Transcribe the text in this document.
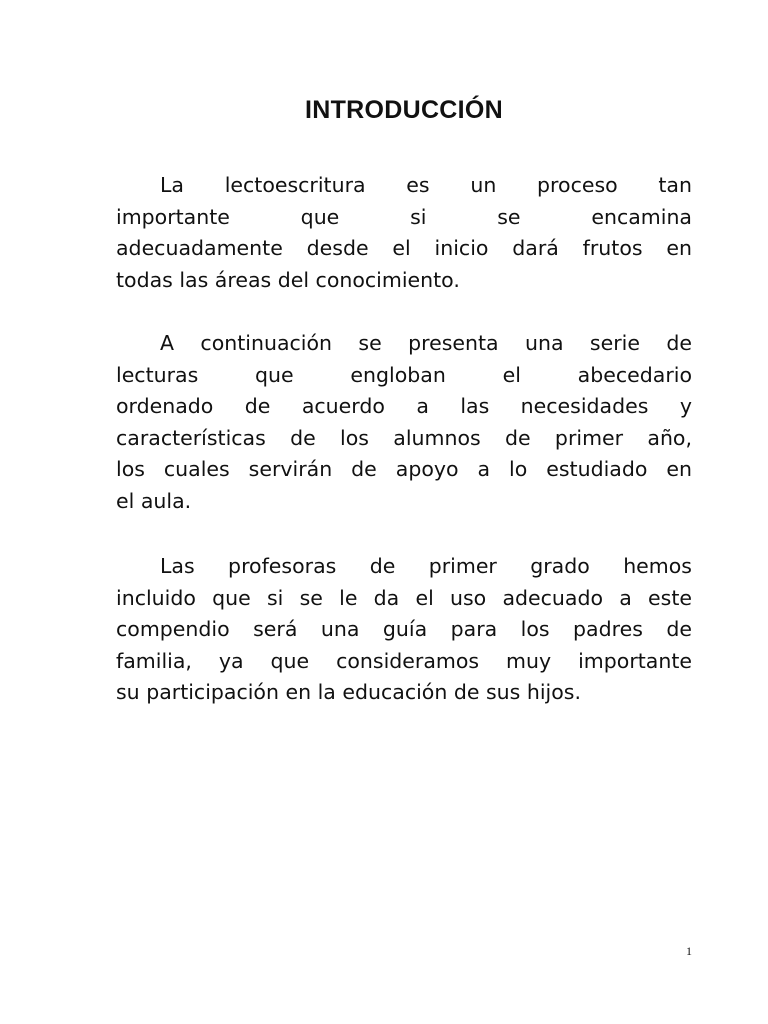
INTRODUCCIÓN
La lectoescritura es un proceso tan
importante que si se encamina
adecuadamente desde el inicio dará frutos en
todas las áreas del conocimiento.
A continuación se presenta una serie de
lecturas que engloban el abecedario
ordenado de acuerdo a las necesidades y
características de los alumnos de primer año,
los cuales servirán de apoyo a lo estudiado en
el aula.
Las profesoras de primer grado hemos
incluido que si se le da el uso adecuado a este
compendio será una guía para los padres de
familia, ya que consideramos muy importante
su participación en la educación de sus hijos.
1
